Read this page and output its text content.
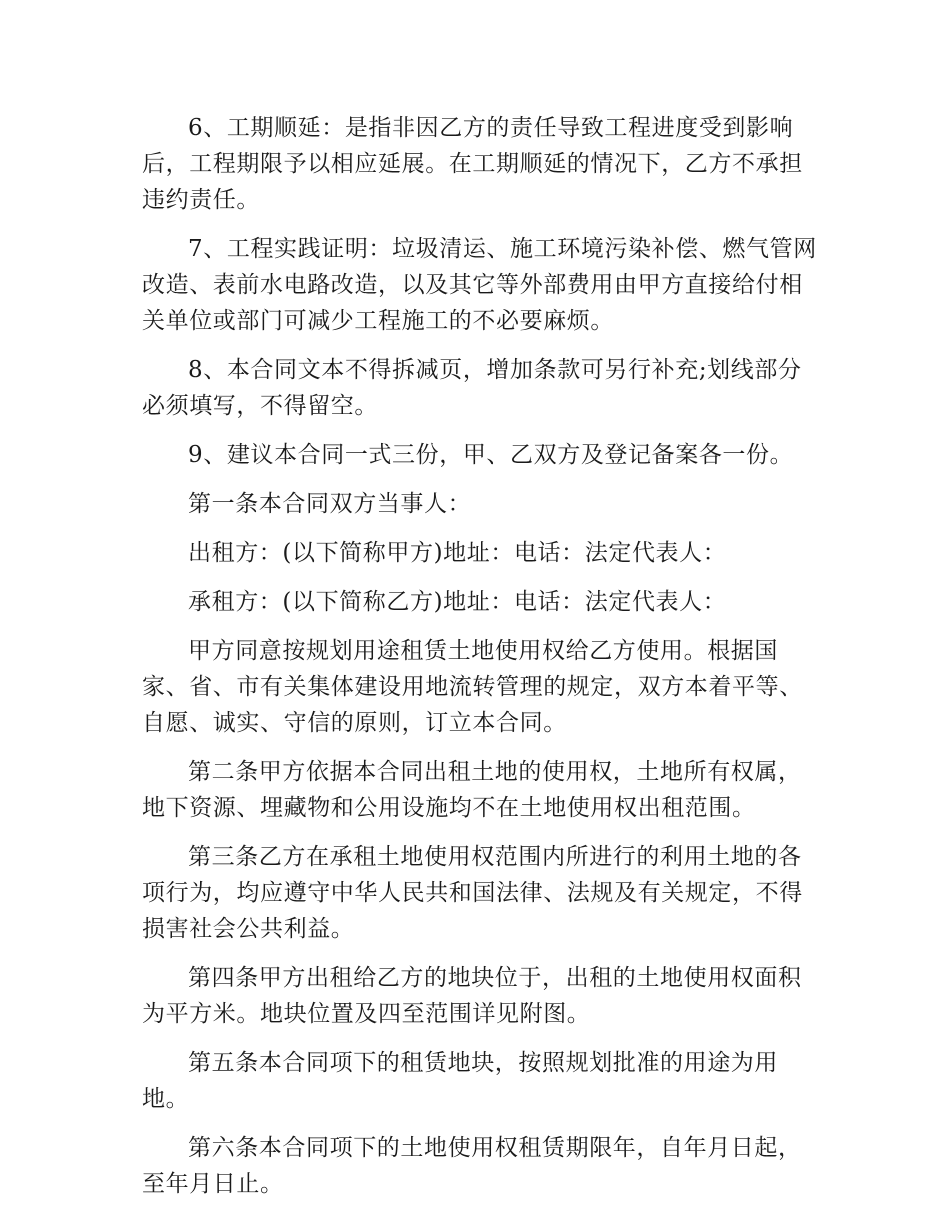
6、工期顺延：是指非因乙方的责任导致工程进度受到影响后，工程期限予以相应延展。在工期顺延的情况下，乙方不承担违约责任。

7、工程实践证明：垃圾清运、施工环境污染补偿、燃气管网改造、表前水电路改造，以及其它等外部费用由甲方直接给付相关单位或部门可减少工程施工的不必要麻烦。

8、本合同文本不得拆减页，增加条款可另行补充;划线部分必须填写，不得留空。

9、建议本合同一式三份，甲、乙双方及登记备案各一份。

第一条本合同双方当事人：

出租方：(以下简称甲方)地址：电话：法定代表人：

承租方：(以下简称乙方)地址：电话：法定代表人：

甲方同意按规划用途租赁土地使用权给乙方使用。根据国家、省、市有关集体建设用地流转管理的规定，双方本着平等、自愿、诚实、守信的原则，订立本合同。

第二条甲方依据本合同出租土地的使用权，土地所有权属，地下资源、埋藏物和公用设施均不在土地使用权出租范围。

第三条乙方在承租土地使用权范围内所进行的利用土地的各项行为，均应遵守中华人民共和国法律、法规及有关规定，不得损害社会公共利益。

第四条甲方出租给乙方的地块位于，出租的土地使用权面积为平方米。地块位置及四至范围详见附图。

第五条本合同项下的租赁地块，按照规划批准的用途为用地。

第六条本合同项下的土地使用权租赁期限年，自年月日起，至年月日止。
